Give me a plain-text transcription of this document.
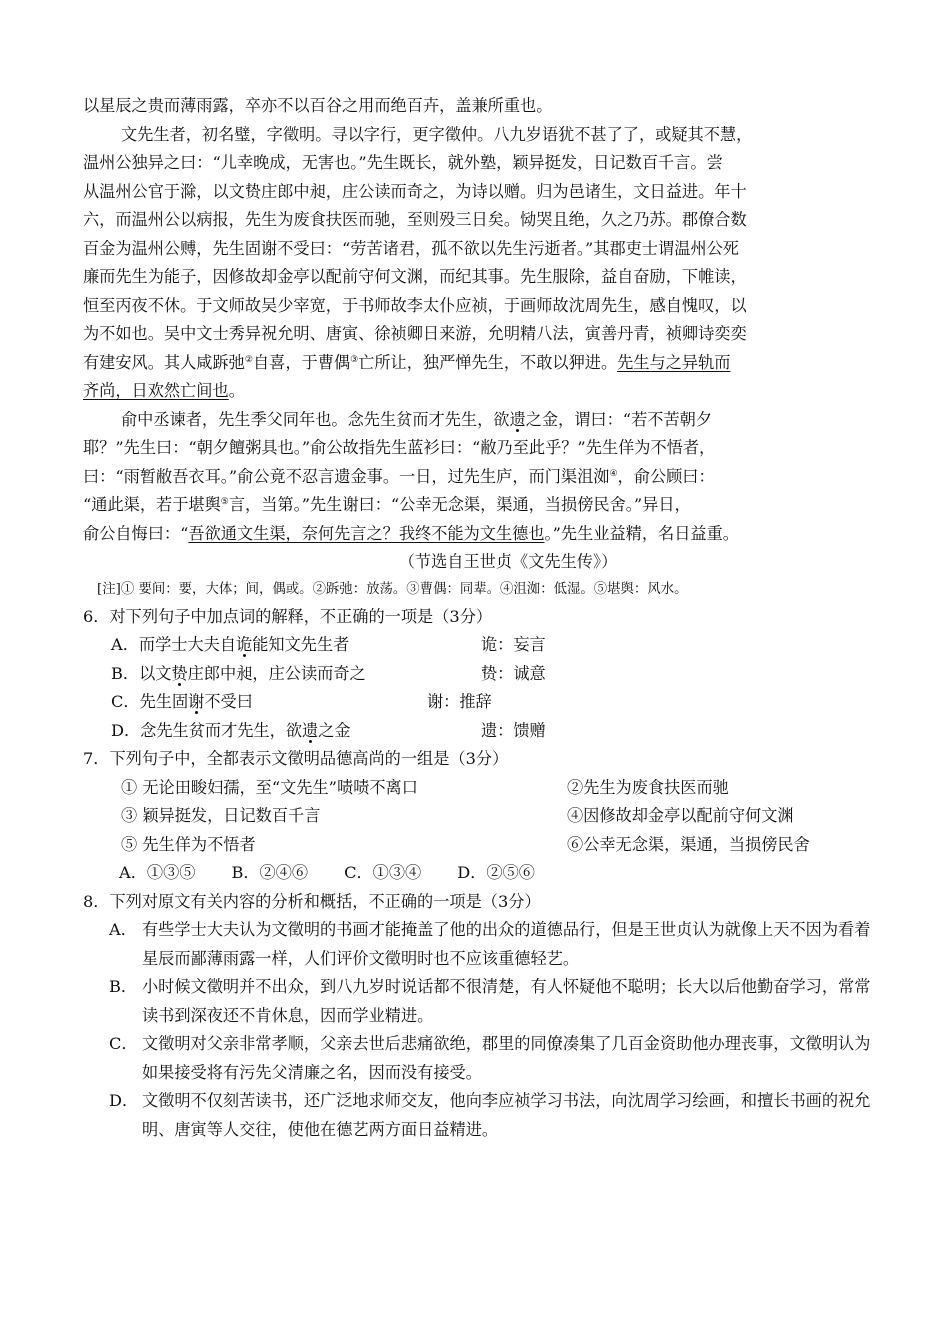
以星辰之贵而薄雨露，卒亦不以百谷之用而绝百卉，盖兼所重也。
文先生者，初名璧，字徵明。寻以字行，更字徵仲。八九岁语犹不甚了了，或疑其不慧，
温州公独异之曰：“儿幸晚成，无害也。”先生既长，就外塾，颖异挺发，日记数百千言。尝
从温州公官于滁，以文贽庄郎中昶，庄公读而奇之，为诗以赠。归为邑诸生，文日益进。年十
六，而温州公以病报，先生为废食扶医而驰，至则殁三日矣。恸哭且绝，久之乃苏。郡僚合数
百金为温州公赙，先生固谢不受曰：“劳苦诸君，孤不欲以先生污逝者。”其郡吏士谓温州公死
廉而先生为能子，因修故却金亭以配前守何文渊，而纪其事。先生服除，益自奋励，下帷读，
恒至丙夜不休。于文师故吴少宰宽，于书师故李太仆应祯，于画师故沈周先生，感自愧叹，以
为不如也。吴中文士秀异祝允明、唐寅、徐祯卿日来游，允明精八法，寅善丹青，祯卿诗奕奕
有建安风。其人咸跅弛②自喜，于曹偶③亡所让，独严惮先生，不敢以狎进。先生与之异轨而
齐尚，日欢然亡间也。
俞中丞谏者，先生季父同年也。念先生贫而才先生，欲遗之金，谓曰：“若不苦朝夕
耶？”先生曰：“朝夕饘粥具也。”俞公故指先生蓝衫曰：“敝乃至此乎？”先生佯为不悟者，
曰：“雨暂敝吾衣耳。”俞公竟不忍言遗金事。一日，过先生庐，而门渠沮洳④，俞公顾曰：
“通此渠，若于堪舆⑤言，当第。”先生谢曰：“公幸无念渠，渠通，当损傍民舍。”异日，
俞公自悔曰：“吾欲通文生渠，奈何先言之？我终不能为文生德也。”先生业益精，名日益重。
（节选自王世贞《文先生传》）
[注]① 要间：要，大体；间，偶或。②跅弛：放荡。③曹偶：同辈。④沮洳：低湿。⑤堪舆：风水。
6．对下列句子中加点词的解释，不正确的一项是（3分）
A．而学士大夫自诡能知文先生者	诡：妄言
B．以文贽庄郎中昶，庄公读而奇之	贽：诚意
C．先生固谢不受曰	谢：推辞
D．念先生贫而才先生，欲遗之金	遗：馈赠
7．下列句子中，全都表示文徵明品德高尚的一组是（3分）
① 无论田畯妇孺，至“文先生”啧啧不离口	②先生为废食扶医而驰
③ 颖异挺发，日记数百千言	④因修故却金亭以配前守何文渊
⑤ 先生佯为不悟者	⑥公幸无念渠，渠通，当损傍民舍
A．①③⑤ B．②④⑥ C．①③④ D．②⑤⑥
8．下列对原文有关内容的分析和概括，不正确的一项是（3分）
A． 有些学士大夫认为文徵明的书画才能掩盖了他的出众的道德品行，但是王世贞认为就像上天不因为看着星辰而鄙薄雨露一样，人们评价文徵明时也不应该重德轻艺。
B． 小时候文徵明并不出众，到八九岁时说话都不很清楚，有人怀疑他不聪明；长大以后他勤奋学习，常常读书到深夜还不肯休息，因而学业精进。
C． 文徵明对父亲非常孝顺，父亲去世后悲痛欲绝，郡里的同僚凑集了几百金资助他办理丧事，文徵明认为如果接受将有污先父清廉之名，因而没有接受。
D． 文徵明不仅刻苦读书，还广泛地求师交友，他向李应祯学习书法，向沈周学习绘画，和擅长书画的祝允明、唐寅等人交往，使他在德艺两方面日益精进。
